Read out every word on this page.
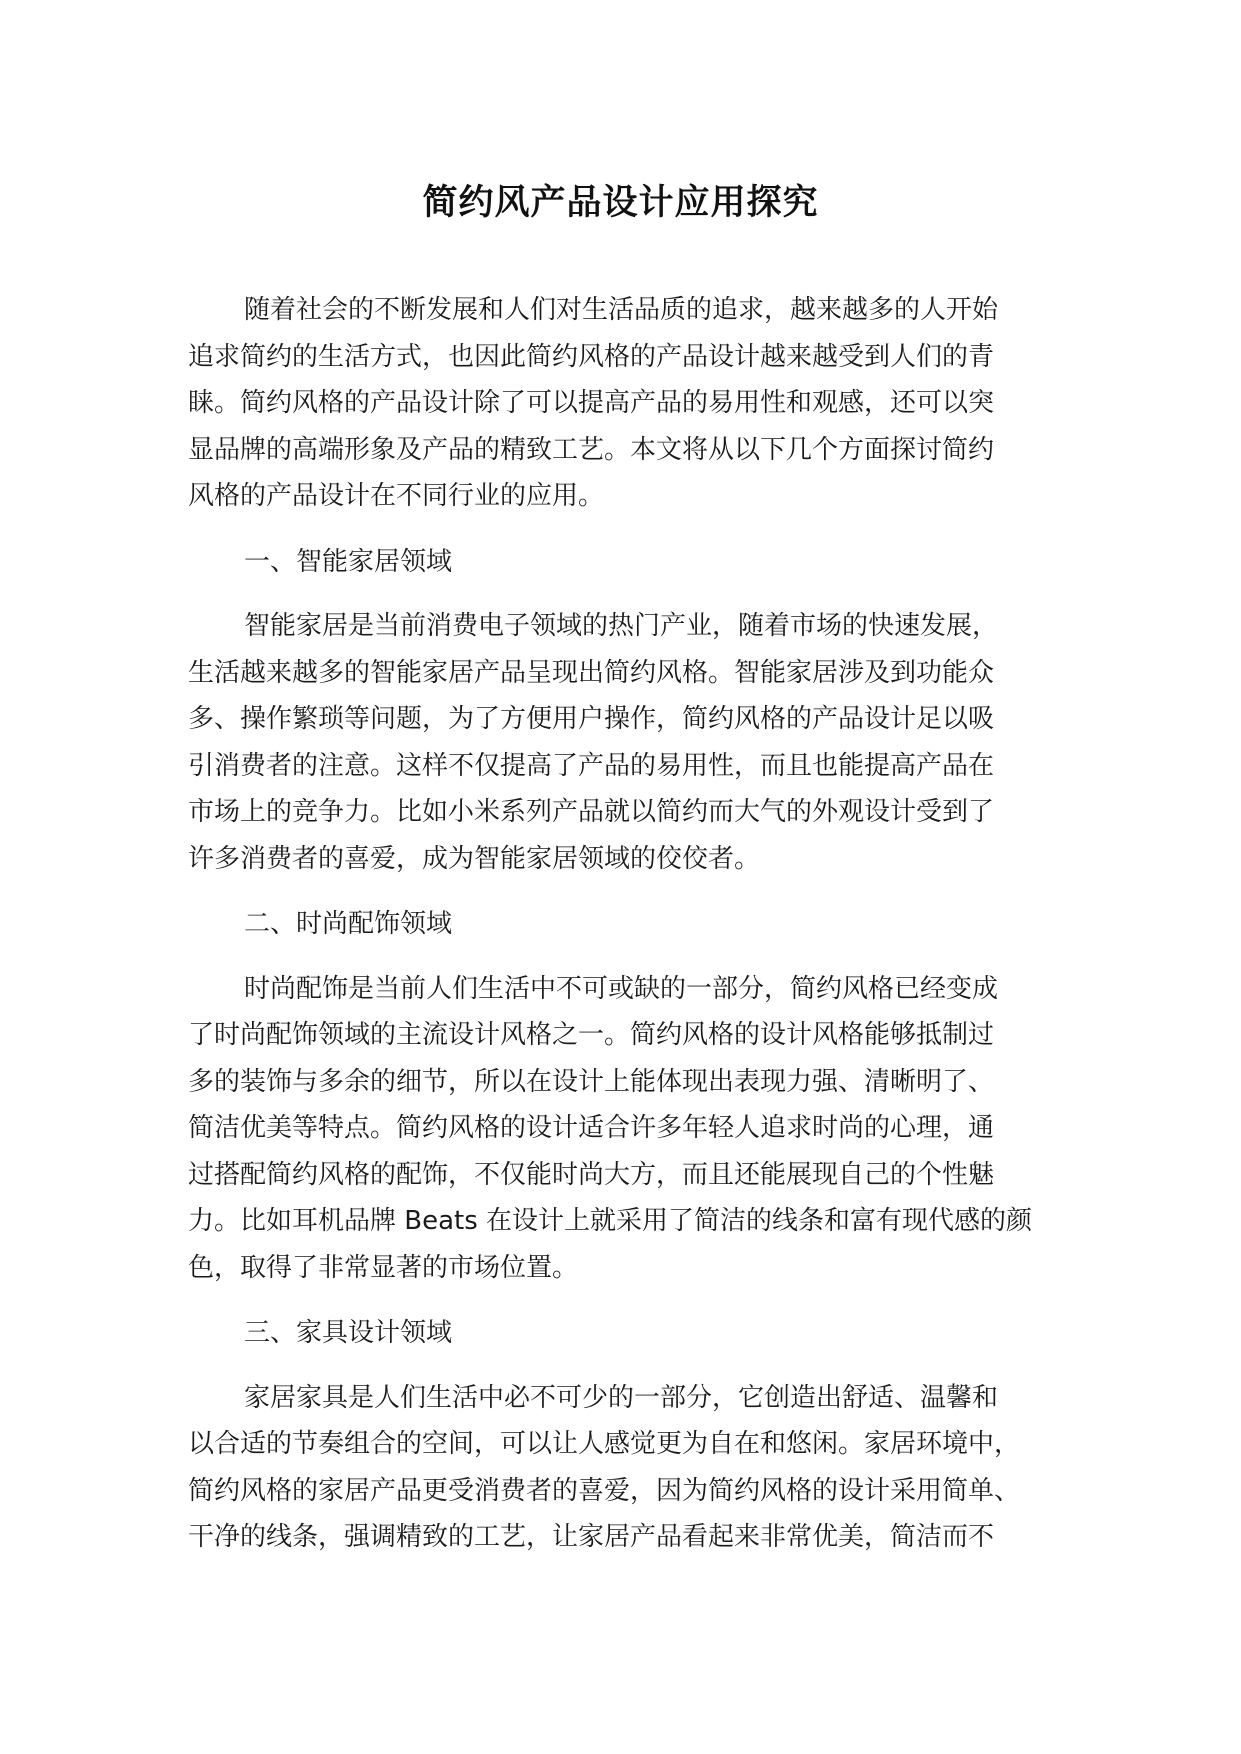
简约风产品设计应用探究

随着社会的不断发展和人们对生活品质的追求，越来越多的人开始
追求简约的生活方式，也因此简约风格的产品设计越来越受到人们的青
睐。简约风格的产品设计除了可以提高产品的易用性和观感，还可以突
显品牌的高端形象及产品的精致工艺。本文将从以下几个方面探讨简约
风格的产品设计在不同行业的应用。

一、智能家居领域

智能家居是当前消费电子领域的热门产业，随着市场的快速发展，
生活越来越多的智能家居产品呈现出简约风格。智能家居涉及到功能众
多、操作繁琐等问题，为了方便用户操作，简约风格的产品设计足以吸
引消费者的注意。这样不仅提高了产品的易用性，而且也能提高产品在
市场上的竞争力。比如小米系列产品就以简约而大气的外观设计受到了
许多消费者的喜爱，成为智能家居领域的佼佼者。

二、时尚配饰领域

时尚配饰是当前人们生活中不可或缺的一部分，简约风格已经变成
了时尚配饰领域的主流设计风格之一。简约风格的设计风格能够抵制过
多的装饰与多余的细节，所以在设计上能体现出表现力强、清晰明了、
简洁优美等特点。简约风格的设计适合许多年轻人追求时尚的心理，通
过搭配简约风格的配饰，不仅能时尚大方，而且还能展现自己的个性魅
力。比如耳机品牌 Beats 在设计上就采用了简洁的线条和富有现代感的颜
色，取得了非常显著的市场位置。

三、家具设计领域

家居家具是人们生活中必不可少的一部分，它创造出舒适、温馨和
以合适的节奏组合的空间，可以让人感觉更为自在和悠闲。家居环境中，
简约风格的家居产品更受消费者的喜爱，因为简约风格的设计采用简单、
干净的线条，强调精致的工艺，让家居产品看起来非常优美，简洁而不
